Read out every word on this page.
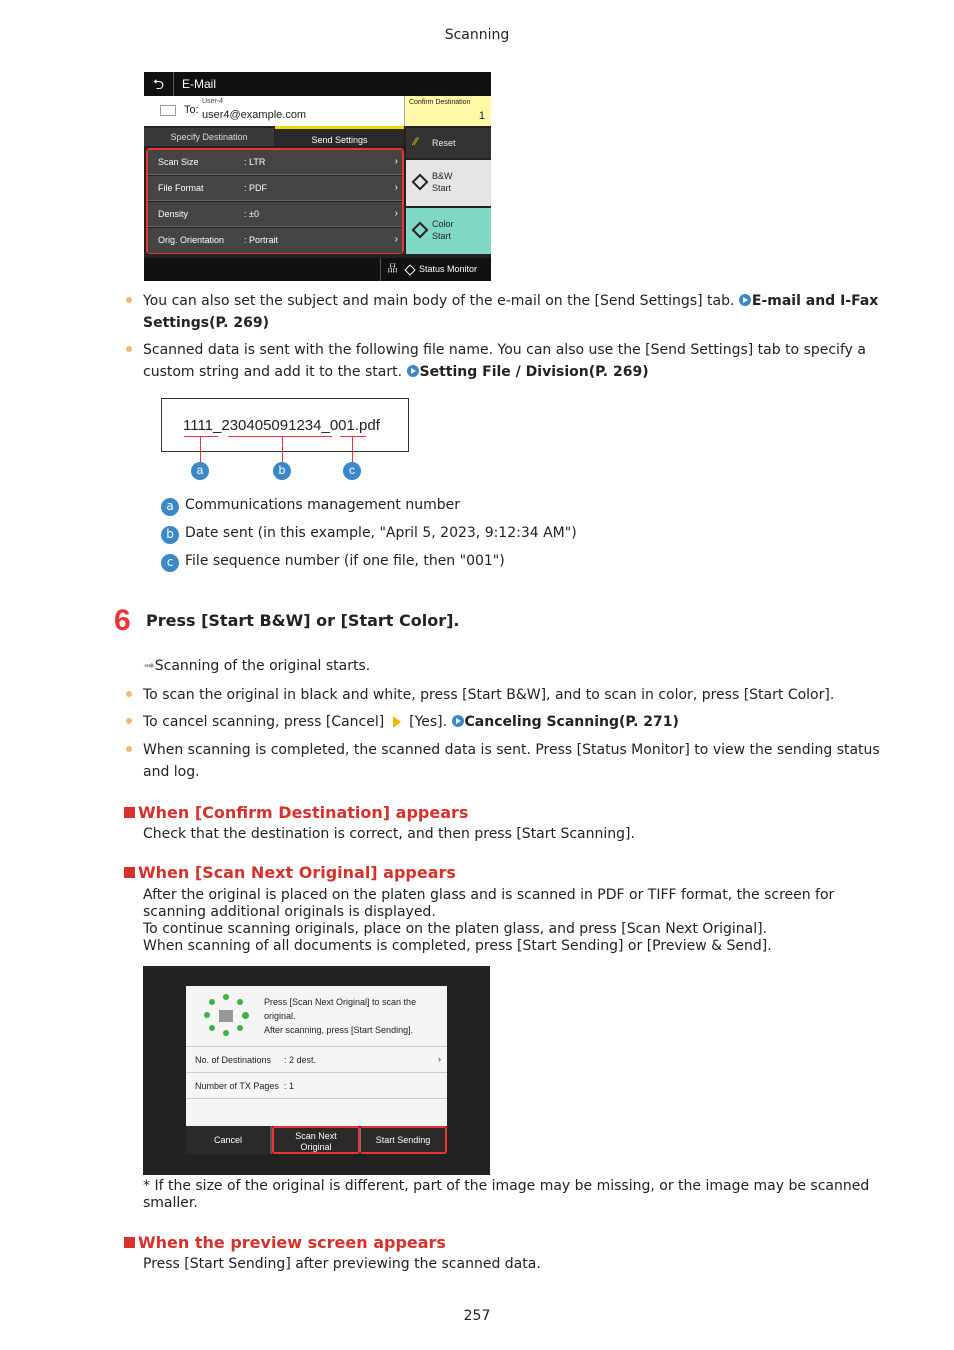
Scanning
⮌	E-Mail
To:
User-4
user4@example.com
Confirm Destination
1
Specify Destination	Send Settings
Scan Size	: LTR	›
File Format	: PDF	›
Density	: ±0	›
Orig. Orientation : Portrait	›
⁄⁄ Reset
B&W
Start
Color
Start
品	Status Monitor
You can also set the subject and main body of the e-mail on the [Send Settings] tab. E-mail and I-Fax Settings(P. 269)
Scanned data is sent with the following file name. You can also use the [Send Settings] tab to specify a custom string and add it to the start. Setting File / Division(P. 269)
1111_230405091234_001.pdf
a	b	c
a Communications management number
b Date sent (in this example, "April 5, 2023, 9:12:34 AM")
c File sequence number (if one file, then "001")
6 Press [Start B&W] or [Start Color].
➟Scanning of the original starts.
To scan the original in black and white, press [Start B&W], and to scan in color, press [Start Color].
To cancel scanning, press [Cancel]  [Yes]. Canceling Scanning(P. 271)
When scanning is completed, the scanned data is sent. Press [Status Monitor] to view the sending status and log.
When [Confirm Destination] appears
Check that the destination is correct, and then press [Start Scanning].
When [Scan Next Original] appears
After the original is placed on the platen glass and is scanned in PDF or TIFF format, the screen for scanning additional originals is displayed.
To continue scanning originals, place on the platen glass, and press [Scan Next Original].
When scanning of all documents is completed, press [Start Sending] or [Preview & Send].
Press [Scan Next Original] to scan the
original.
After scanning, press [Start Sending].
No. of Destinations : 2 dest.	›
Number of TX Pages : 1
Cancel	Scan Next
Original
Start Sending
* If the size of the original is different, part of the image may be missing, or the image may be scanned smaller.
When the preview screen appears
Press [Start Sending] after previewing the scanned data.
257
